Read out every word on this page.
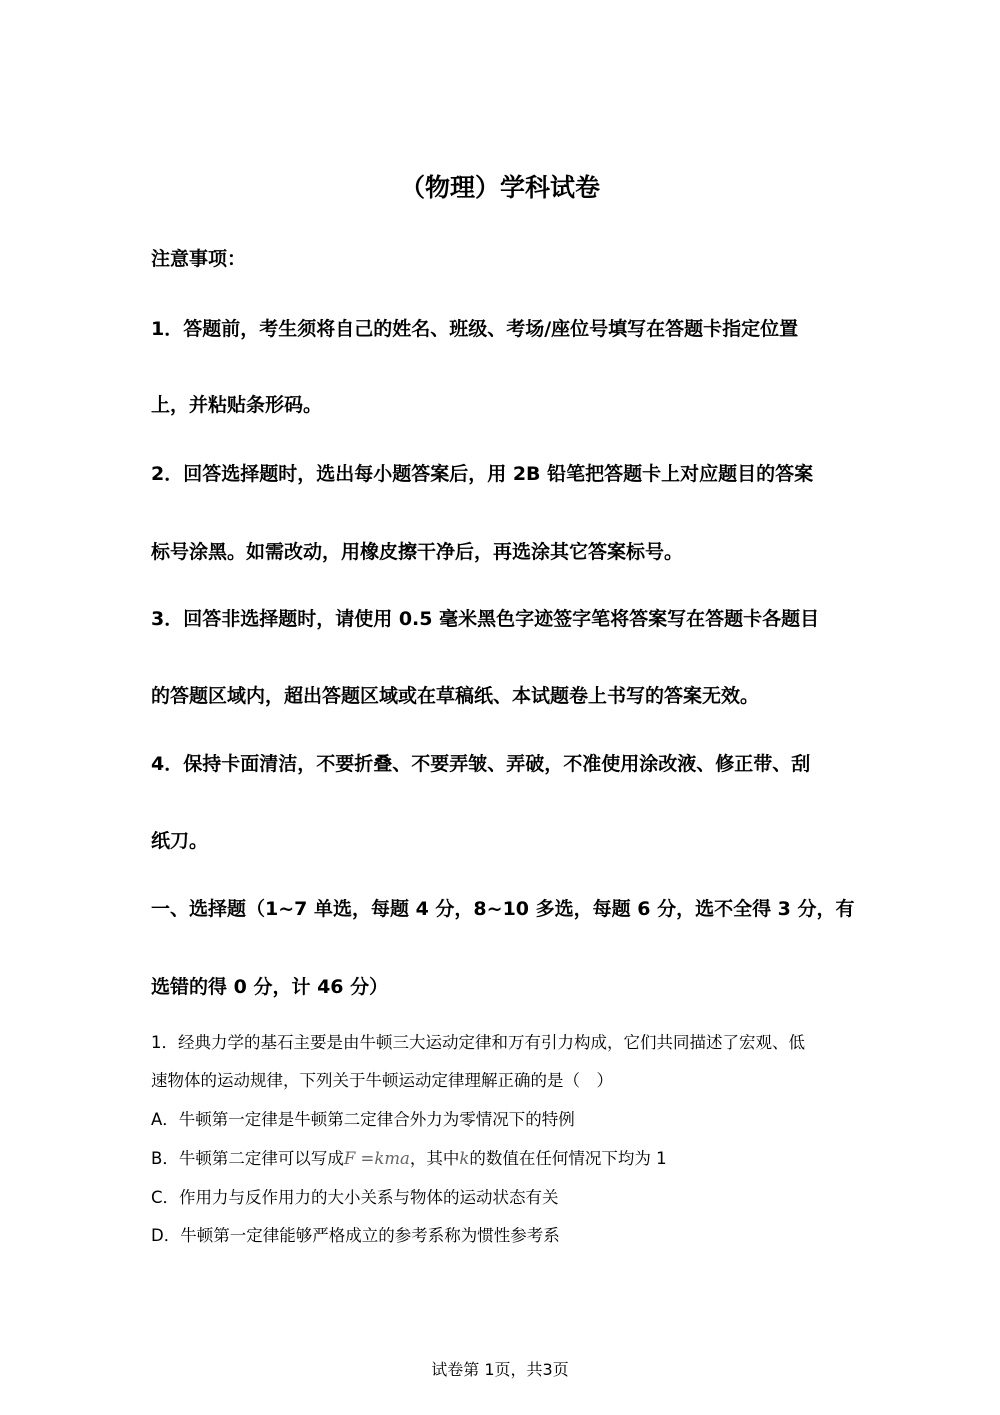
（物理）学科试卷
注意事项：
1．答题前，考生须将自己的姓名、班级、考场/座位号填写在答题卡指定位置
上，并粘贴条形码。
2．回答选择题时，选出每小题答案后，用 2B 铅笔把答题卡上对应题目的答案
标号涂黑。如需改动，用橡皮擦干净后，再选涂其它答案标号。
3．回答非选择题时，请使用 0.5 毫米黑色字迹签字笔将答案写在答题卡各题目
的答题区域内，超出答题区域或在草稿纸、本试题卷上书写的答案无效。
4．保持卡面清洁，不要折叠、不要弄皱、弄破，不准使用涂改液、修正带、刮
纸刀。
一、选择题（1~7 单选，每题 4 分，8~10 多选，每题 6 分，选不全得 3 分，有
选错的得 0 分，计 46 分）
1．经典力学的基石主要是由牛顿三大运动定律和万有引力构成，它们共同描述了宏观、低
速物体的运动规律，下列关于牛顿运动定律理解正确的是（　）
A．牛顿第一定律是牛顿第二定律合外力为零情况下的特例
B．牛顿第二定律可以写成F =kma，其中k的数值在任何情况下均为 1
C．作用力与反作用力的大小关系与物体的运动状态有关
D．牛顿第一定律能够严格成立的参考系称为惯性参考系
试卷第 1页，共3页
